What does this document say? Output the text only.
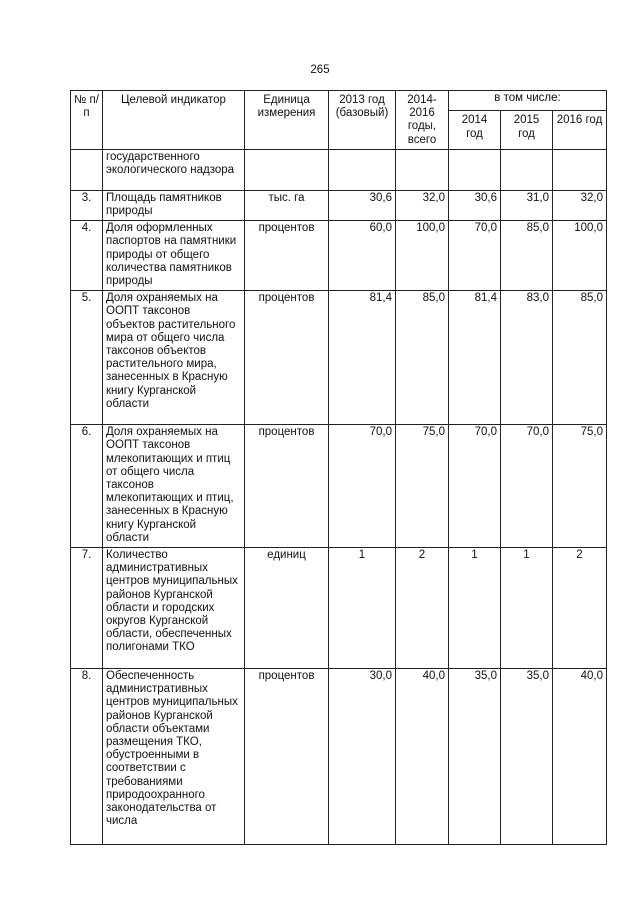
265
№ п/п	Целевой индикатор	Единица измерения	2013 год (базовый)	2014-2016 годы, всего	в том числе:		
					2014 год	2015 год	2016 год
	государственного экологического надзора						
3.	Площадь памятников природы	тыс. га	30,6	32,0	30,6	31,0	32,0
4.	Доля оформленных паспортов на памятники природы от общего количества памятников природы	процентов	60,0	100,0	70,0	85,0	100,0
5.	Доля охраняемых на ООПТ таксонов объектов растительного мира от общего числа таксонов объектов растительного мира, занесенных в Красную книгу Курганской области	процентов	81,4	85,0	81,4	83,0	85,0
6.	Доля охраняемых на ООПТ таксонов млекопитающих и птиц от общего числа таксонов млекопитающих и птиц, занесенных в Красную книгу Курганской области	процентов	70,0	75,0	70,0	70,0	75,0
7.	Количество административных центров муниципальных районов Курганской области и городских округов Курганской области, обеспеченных полигонами ТКО	единиц	1	2	1	1	2
8.	Обеспеченность административных центров муниципальных районов Курганской области объектами размещения ТКО, обустроенными в соответствии с требованиями природоохранного законодательства от числа	процентов	30,0	40,0	35,0	35,0	40,0
